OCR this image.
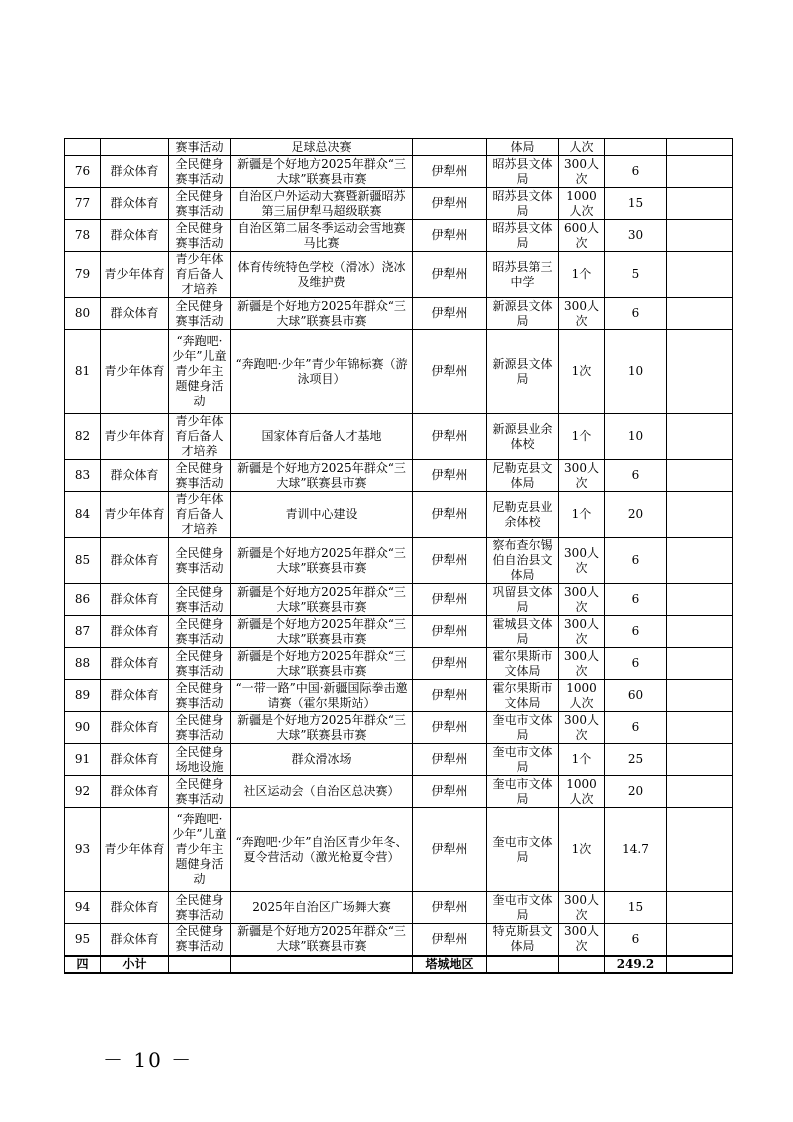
		赛事活动	足球总决赛		体局	人次		
76	群众体育	全民健身赛事活动	新疆是个好地方2025年群众“三大球”联赛县市赛	伊犁州	昭苏县文体局	300人次	6	
77	群众体育	全民健身赛事活动	自治区户外运动大赛暨新疆昭苏第三届伊犁马超级联赛	伊犁州	昭苏县文体局	1000人次	15	
78	群众体育	全民健身赛事活动	自治区第二届冬季运动会雪地赛马比赛	伊犁州	昭苏县文体局	600人次	30	
79	青少年体育	青少年体育后备人才培养	体育传统特色学校（滑冰）浇冰及维护费	伊犁州	昭苏县第三中学	1个	5	
80	群众体育	全民健身赛事活动	新疆是个好地方2025年群众“三大球”联赛县市赛	伊犁州	新源县文体局	300人次	6	
81	青少年体育	“奔跑吧·少年”儿童青少年主题健身活动	“奔跑吧·少年”青少年锦标赛（游泳项目）	伊犁州	新源县文体局	1次	10	
82	青少年体育	青少年体育后备人才培养	国家体育后备人才基地	伊犁州	新源县业余体校	1个	10	
83	群众体育	全民健身赛事活动	新疆是个好地方2025年群众“三大球”联赛县市赛	伊犁州	尼勒克县文体局	300人次	6	
84	青少年体育	青少年体育后备人才培养	青训中心建设	伊犁州	尼勒克县业余体校	1个	20	
85	群众体育	全民健身赛事活动	新疆是个好地方2025年群众“三大球”联赛县市赛	伊犁州	察布查尔锡伯自治县文体局	300人次	6	
86	群众体育	全民健身赛事活动	新疆是个好地方2025年群众“三大球”联赛县市赛	伊犁州	巩留县文体局	300人次	6	
87	群众体育	全民健身赛事活动	新疆是个好地方2025年群众“三大球”联赛县市赛	伊犁州	霍城县文体局	300人次	6	
88	群众体育	全民健身赛事活动	新疆是个好地方2025年群众“三大球”联赛县市赛	伊犁州	霍尔果斯市文体局	300人次	6	
89	群众体育	全民健身赛事活动	“一带一路”中国·新疆国际拳击邀请赛（霍尔果斯站）	伊犁州	霍尔果斯市文体局	1000人次	60	
90	群众体育	全民健身赛事活动	新疆是个好地方2025年群众“三大球”联赛县市赛	伊犁州	奎屯市文体局	300人次	6	
91	群众体育	全民健身场地设施	群众滑冰场	伊犁州	奎屯市文体局	1个	25	
92	群众体育	全民健身赛事活动	社区运动会（自治区总决赛）	伊犁州	奎屯市文体局	1000人次	20	
93	青少年体育	“奔跑吧·少年”儿童青少年主题健身活动	“奔跑吧·少年”自治区青少年冬、夏令营活动（激光枪夏令营）	伊犁州	奎屯市文体局	1次	14.7	
94	群众体育	全民健身赛事活动	2025年自治区广场舞大赛	伊犁州	奎屯市文体局	300人次	15	
95	群众体育	全民健身赛事活动	新疆是个好地方2025年群众“三大球”联赛县市赛	伊犁州	特克斯县文体局	300人次	6	
四	小计			塔城地区			249.2	
－ 10 －
